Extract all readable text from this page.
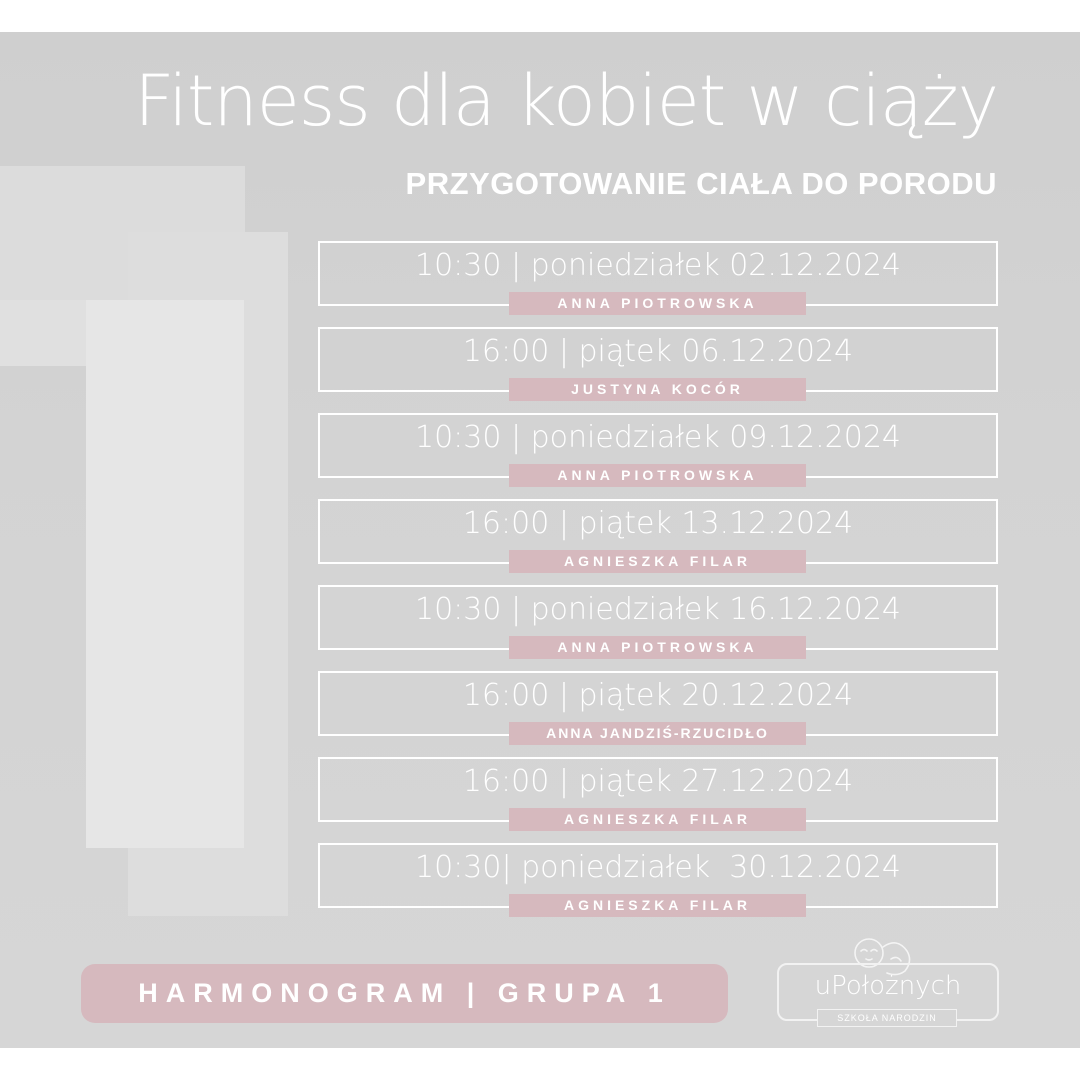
Fitness dla kobiet w ciąży
PRZYGOTOWANIE CIAŁA DO PORODU
10:30 | poniedziałek 02.12.2024
ANNA PIOTROWSKA
16:00 | piątek 06.12.2024
JUSTYNA KOCÓR
10:30 | poniedziałek 09.12.2024
ANNA PIOTROWSKA
16:00 | piątek 13.12.2024
AGNIESZKA FILAR
10:30 | poniedziałek 16.12.2024
ANNA PIOTROWSKA
16:00 | piątek 20.12.2024
ANNA JANDZIŚ-RZUCIDŁO
16:00 | piątek 27.12.2024
AGNIESZKA FILAR
10:30| poniedziałek  30.12.2024
AGNIESZKA FILAR
HARMONOGRAM | GRUPA 1	uPołożnych
SZKOŁA NARODZIN
